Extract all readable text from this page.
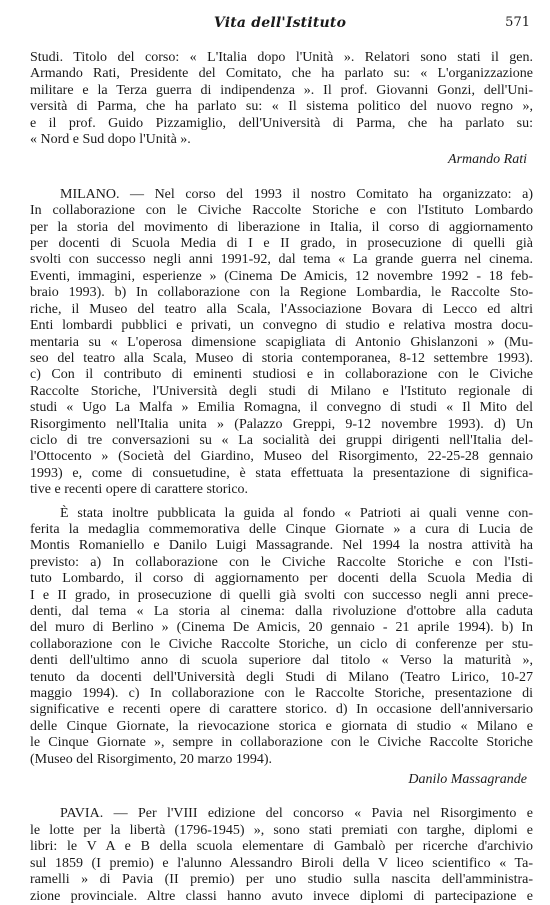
Vita dell'Istituto	571
Studi. Titolo del corso: « L'Italia dopo l'Unità ». Relatori sono stati il gen.
Armando Rati, Presidente del Comitato, che ha parlato su: « L'organizzazione
militare e la Terza guerra di indipendenza ». Il prof. Giovanni Gonzi, dell'Uni-
versità di Parma, che ha parlato su: « Il sistema politico del nuovo regno »,
e il prof. Guido Pizzamiglio, dell'Università di Parma, che ha parlato su:
« Nord e Sud dopo l'Unità ».
Armando Rati
MILANO. — Nel corso del 1993 il nostro Comitato ha organizzato: a)
In collaborazione con le Civiche Raccolte Storiche e con l'Istituto Lombardo
per la storia del movimento di liberazione in Italia, il corso di aggiornamento
per docenti di Scuola Media di I e II grado, in prosecuzione di quelli già
svolti con successo negli anni 1991-92, dal tema « La grande guerra nel cinema.
Eventi, immagini, esperienze » (Cinema De Amicis, 12 novembre 1992 - 18 feb-
braio 1993). b) In collaborazione con la Regione Lombardia, le Raccolte Sto-
riche, il Museo del teatro alla Scala, l'Associazione Bovara di Lecco ed altri
Enti lombardi pubblici e privati, un convegno di studio e relativa mostra docu-
mentaria su « L'operosa dimensione scapigliata di Antonio Ghislanzoni » (Mu-
seo del teatro alla Scala, Museo di storia contemporanea, 8-12 settembre 1993).
c) Con il contributo di eminenti studiosi e in collaborazione con le Civiche
Raccolte Storiche, l'Università degli studi di Milano e l'Istituto regionale di
studi « Ugo La Malfa » Emilia Romagna, il convegno di studi « Il Mito del
Risorgimento nell'Italia unita » (Palazzo Greppi, 9-12 novembre 1993). d) Un
ciclo di tre conversazioni su « La socialità dei gruppi dirigenti nell'Italia del-
l'Ottocento » (Società del Giardino, Museo del Risorgimento, 22-25-28 gennaio
1993) e, come di consuetudine, è stata effettuata la presentazione di significa-
tive e recenti opere di carattere storico.
È stata inoltre pubblicata la guida al fondo « Patrioti ai quali venne con-
ferita la medaglia commemorativa delle Cinque Giornate » a cura di Lucia de
Montis Romaniello e Danilo Luigi Massagrande. Nel 1994 la nostra attività ha
previsto: a) In collaborazione con le Civiche Raccolte Storiche e con l'Isti-
tuto Lombardo, il corso di aggiornamento per docenti della Scuola Media di
I e II grado, in prosecuzione di quelli già svolti con successo negli anni prece-
denti, dal tema « La storia al cinema: dalla rivoluzione d'ottobre alla caduta
del muro di Berlino » (Cinema De Amicis, 20 gennaio - 21 aprile 1994). b) In
collaborazione con le Civiche Raccolte Storiche, un ciclo di conferenze per stu-
denti dell'ultimo anno di scuola superiore dal titolo « Verso la maturità »,
tenuto da docenti dell'Università degli Studi di Milano (Teatro Lirico, 10-27
maggio 1994). c) In collaborazione con le Raccolte Storiche, presentazione di
significative e recenti opere di carattere storico. d) In occasione dell'anniversario
delle Cinque Giornate, la rievocazione storica e giornata di studio « Milano e
le Cinque Giornate », sempre in collaborazione con le Civiche Raccolte Storiche
(Museo del Risorgimento, 20 marzo 1994).
Danilo Massagrande
PAVIA. — Per l'VIII edizione del concorso « Pavia nel Risorgimento e
le lotte per la libertà (1796-1945) », sono stati premiati con targhe, diplomi e
libri: le V A e B della scuola elementare di Gambalò per ricerche d'archivio
sul 1859 (I premio) e l'alunno Alessandro Biroli della V liceo scientifico « Ta-
ramelli » di Pavia (II premio) per uno studio sulla nascita dell'amministra-
zione provinciale. Altre classi hanno avuto invece diplomi di partecipazione e
